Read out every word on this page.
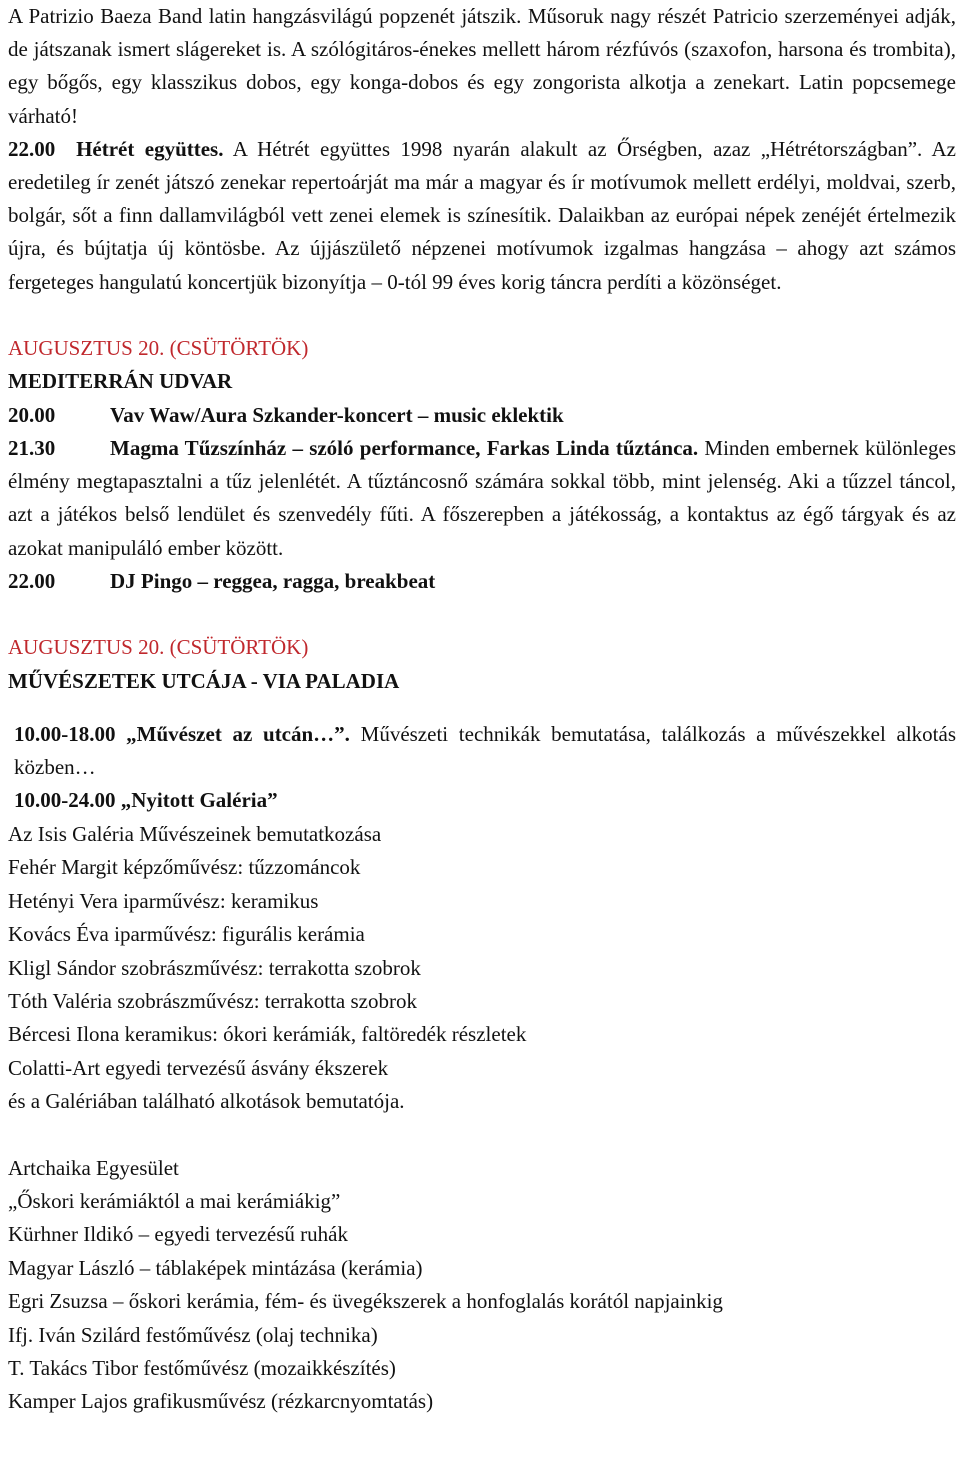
A Patrizio Baeza Band latin hangzásvilágú popzenét játszik. Műsoruk nagy részét Patricio szerzeményei adják, de játszanak ismert slágereket is. A szólógitáros-énekes mellett három rézfúvós (szaxofon, harsona és trombita), egy bőgős, egy klasszikus dobos, egy konga-dobos és egy zongorista alkotja a zenekart. Latin popcsemege várható!

22.00 Hétrét együttes. A Hétrét együttes 1998 nyarán alakult az Őrségben, azaz „Hétrétországban”. Az eredetileg ír zenét játszó zenekar repertoárját ma már a magyar és ír motívumok mellett erdélyi, moldvai, szerb, bolgár, sőt a finn dallamvilágból vett zenei elemek is színesítik. Dalaikban az európai népek zenéjét értelmezik újra, és bújtatja új köntösbe. Az újjászülető népzenei motívumok izgalmas hangzása – ahogy azt számos fergeteges hangulatú koncertjük bizonyítja – 0-tól 99 éves korig táncra perdíti a közönséget.

AUGUSZTUS 20. (CSÜTÖRTÖK)

MEDITERRÁN UDVAR

20.00	Vav Waw/Aura Szkander-koncert – music eklektik

21.30	Magma Tűzszínház – szóló performance, Farkas Linda tűztánca. Minden embernek különleges élmény megtapasztalni a tűz jelenlétét. A tűztáncosnő számára sokkal több, mint jelenség. Aki a tűzzel táncol, azt a játékos belső lendület és szenvedély fűti. A főszerepben a játékosság, a kontaktus az égő tárgyak és az azokat manipuláló ember között.

22.00	DJ Pingo – reggea, ragga, breakbeat

AUGUSZTUS 20. (CSÜTÖRTÖK)

MŰVÉSZETEK UTCÁJA - VIA PALADIA

10.00-18.00 „Művészet az utcán…”. Művészeti technikák bemutatása, találkozás a művészekkel alkotás közben…

10.00-24.00 „Nyitott Galéria”

Az Isis Galéria Művészeinek bemutatkozása

Fehér Margit képzőművész: tűzzománcok

Hetényi Vera iparművész: keramikus

Kovács Éva iparművész: figurális kerámia

Kligl Sándor szobrászművész: terrakotta szobrok

Tóth Valéria szobrászművész: terrakotta szobrok

Bércesi Ilona keramikus: ókori kerámiák, faltöredék részletek

Colatti-Art egyedi tervezésű ásvány ékszerek

és a Galériában található alkotások bemutatója.

Artchaika Egyesület

„Őskori kerámiáktól a mai kerámiákig”

Kürhner Ildikó – egyedi tervezésű ruhák

Magyar László – táblaképek mintázása (kerámia)

Egri Zsuzsa – őskori kerámia, fém- és üvegékszerek a honfoglalás korától napjainkig

Ifj. Iván Szilárd festőművész (olaj technika)

T. Takács Tibor festőművész (mozaikkészítés)

Kamper Lajos grafikusművész (rézkarcnyomtatás)
